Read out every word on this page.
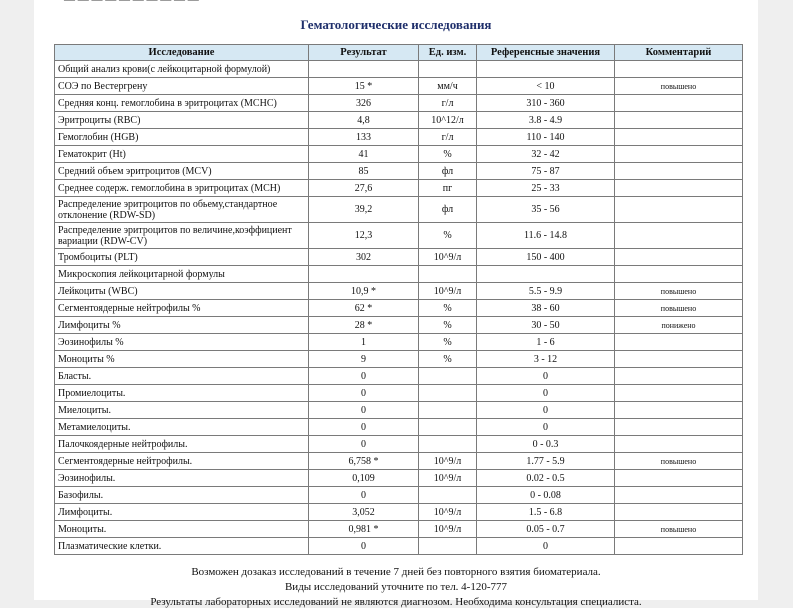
— — — — — — — — — —
Гематологические исследования
Исследование	Результат	Ед. изм.	Референсные значения	Комментарий
Общий анализ крови(с лейкоцитарной формулой)				
СОЭ по Вестергрену	15 *	мм/ч	< 10	повышено
Средняя конц. гемоглобина в эритроцитах (MCHC)	326	г/л	310 - 360	
Эритроциты (RBC)	4,8	10^12/л	3.8 - 4.9	
Гемоглобин (HGB)	133	г/л	110 - 140	
Гематокрит (Ht)	41	%	32 - 42	
Средний объем эритроцитов (MCV)	85	фл	75 - 87	
Среднее содерж. гемоглобина в эритроцитах (MCH)	27,6	пг	25 - 33	
Распределение эритроцитов по обьему,стандартное отклонение (RDW-SD)	39,2	фл	35 - 56	
Распределение эритроцитов по величине,коэффициент вариации (RDW-CV)	12,3	%	11.6 - 14.8	
Тромбоциты (PLT)	302	10^9/л	150 - 400	
Микроскопия лейкоцитарной формулы				
Лейкоциты (WBC)	10,9 *	10^9/л	5.5 - 9.9	повышено
Сегментоядерные нейтрофилы %	62 *	%	38 - 60	повышено
Лимфоциты %	28 *	%	30 - 50	понижено
Эозинофилы %	1	%	1 - 6	
Моноциты %	9	%	3 - 12	
Бласты.	0		0	
Промиелоциты.	0		0	
Миелоциты.	0		0	
Метамиелоциты.	0		0	
Палочкоядерные нейтрофилы.	0		0 - 0.3	
Сегментоядерные нейтрофилы.	6,758 *	10^9/л	1.77 - 5.9	повышено
Эозинофилы.	0,109	10^9/л	0.02 - 0.5	
Базофилы.	0		0 - 0.08	
Лимфоциты.	3,052	10^9/л	1.5 - 6.8	
Моноциты.	0,981 *	10^9/л	0.05 - 0.7	повышено
Плазматические клетки.	0		0	
Возможен дозаказ исследований в течение 7 дней без повторного взятия биоматериала.
Виды исследований уточните по тел. 4-120-777
Результаты лабораторных исследований не являются диагнозом. Необходима консультация специалиста.
